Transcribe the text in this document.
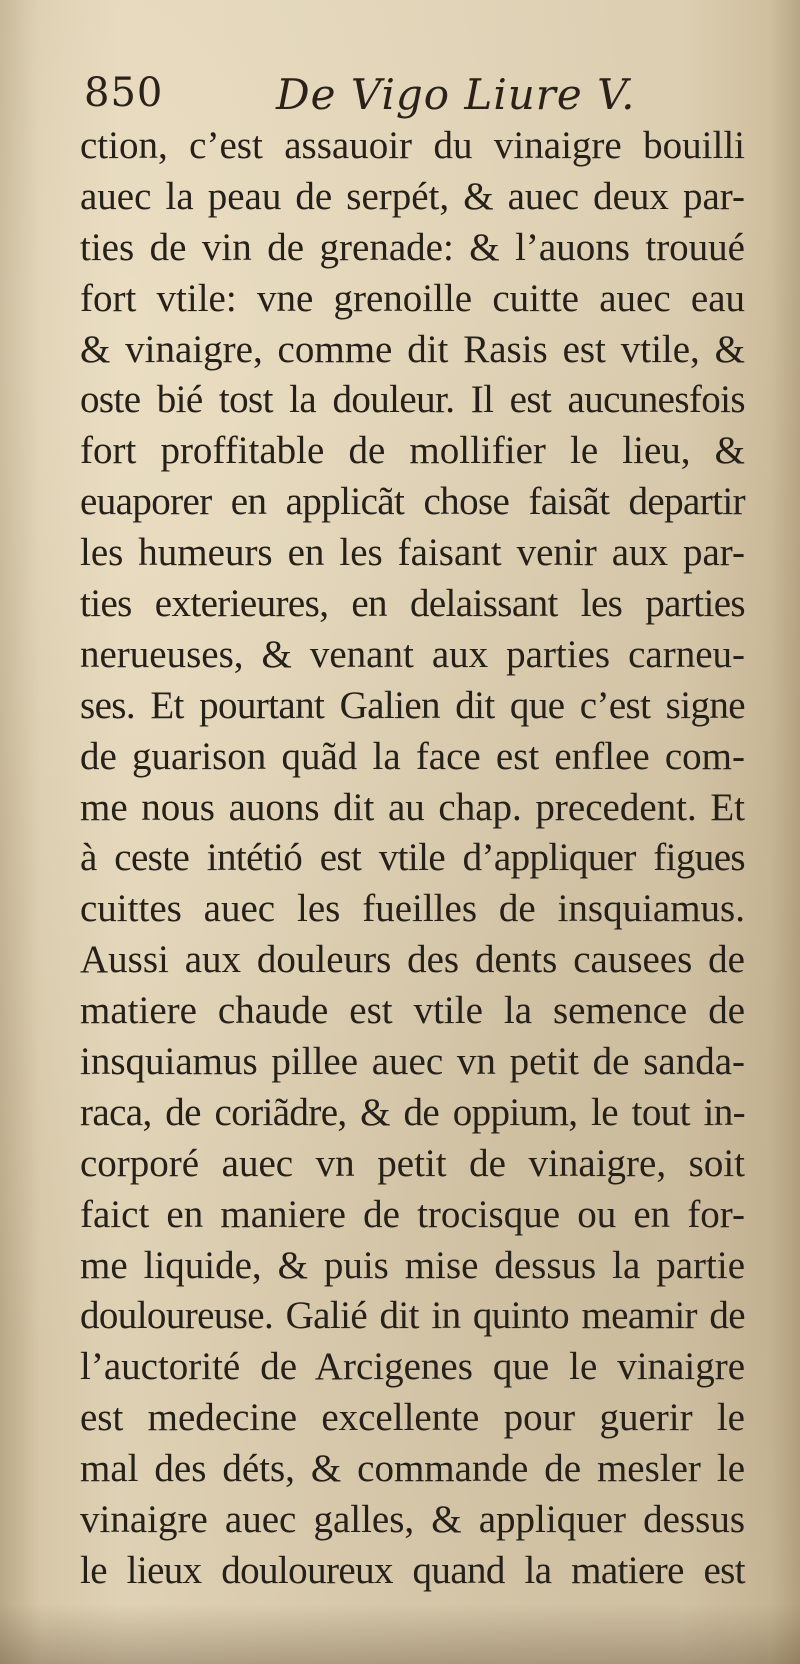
850	De Vigo Liure V.
ction, c’est assauoir du vinaigre bouilli
auec la peau de serpét, & auec deux par-
ties de vin de grenade: & l’auons trouué
fort vtile: vne grenoille cuitte auec eau
& vinaigre, comme dit Rasis est vtile, &
oste bié tost la douleur. Il est aucunesfois
fort proffitable de mollifier le lieu, &
euaporer en applicãt chose faisãt departir
les humeurs en les faisant venir aux par-
ties exterieures, en delaissant les parties
nerueuses, & venant aux parties carneu-
ses. Et pourtant Galien dit que c’est signe
de guarison quãd la face est enflee com-
me nous auons dit au chap. precedent. Et
à ceste intétió est vtile d’appliquer figues
cuittes auec les fueilles de insquiamus.
Aussi aux douleurs des dents causees de
matiere chaude est vtile la semence de
insquiamus pillee auec vn petit de sanda-
raca, de coriãdre, & de oppium, le tout in-
corporé auec vn petit de vinaigre, soit
faict en maniere de trocisque ou en for-
me liquide, & puis mise dessus la partie
douloureuse. Galié dit in quinto meamir de
l’auctorité de Arcigenes que le vinaigre
est medecine excellente pour guerir le
mal des déts, & commande de mesler le
vinaigre auec galles, & appliquer dessus
le lieux douloureux quand la matiere est
